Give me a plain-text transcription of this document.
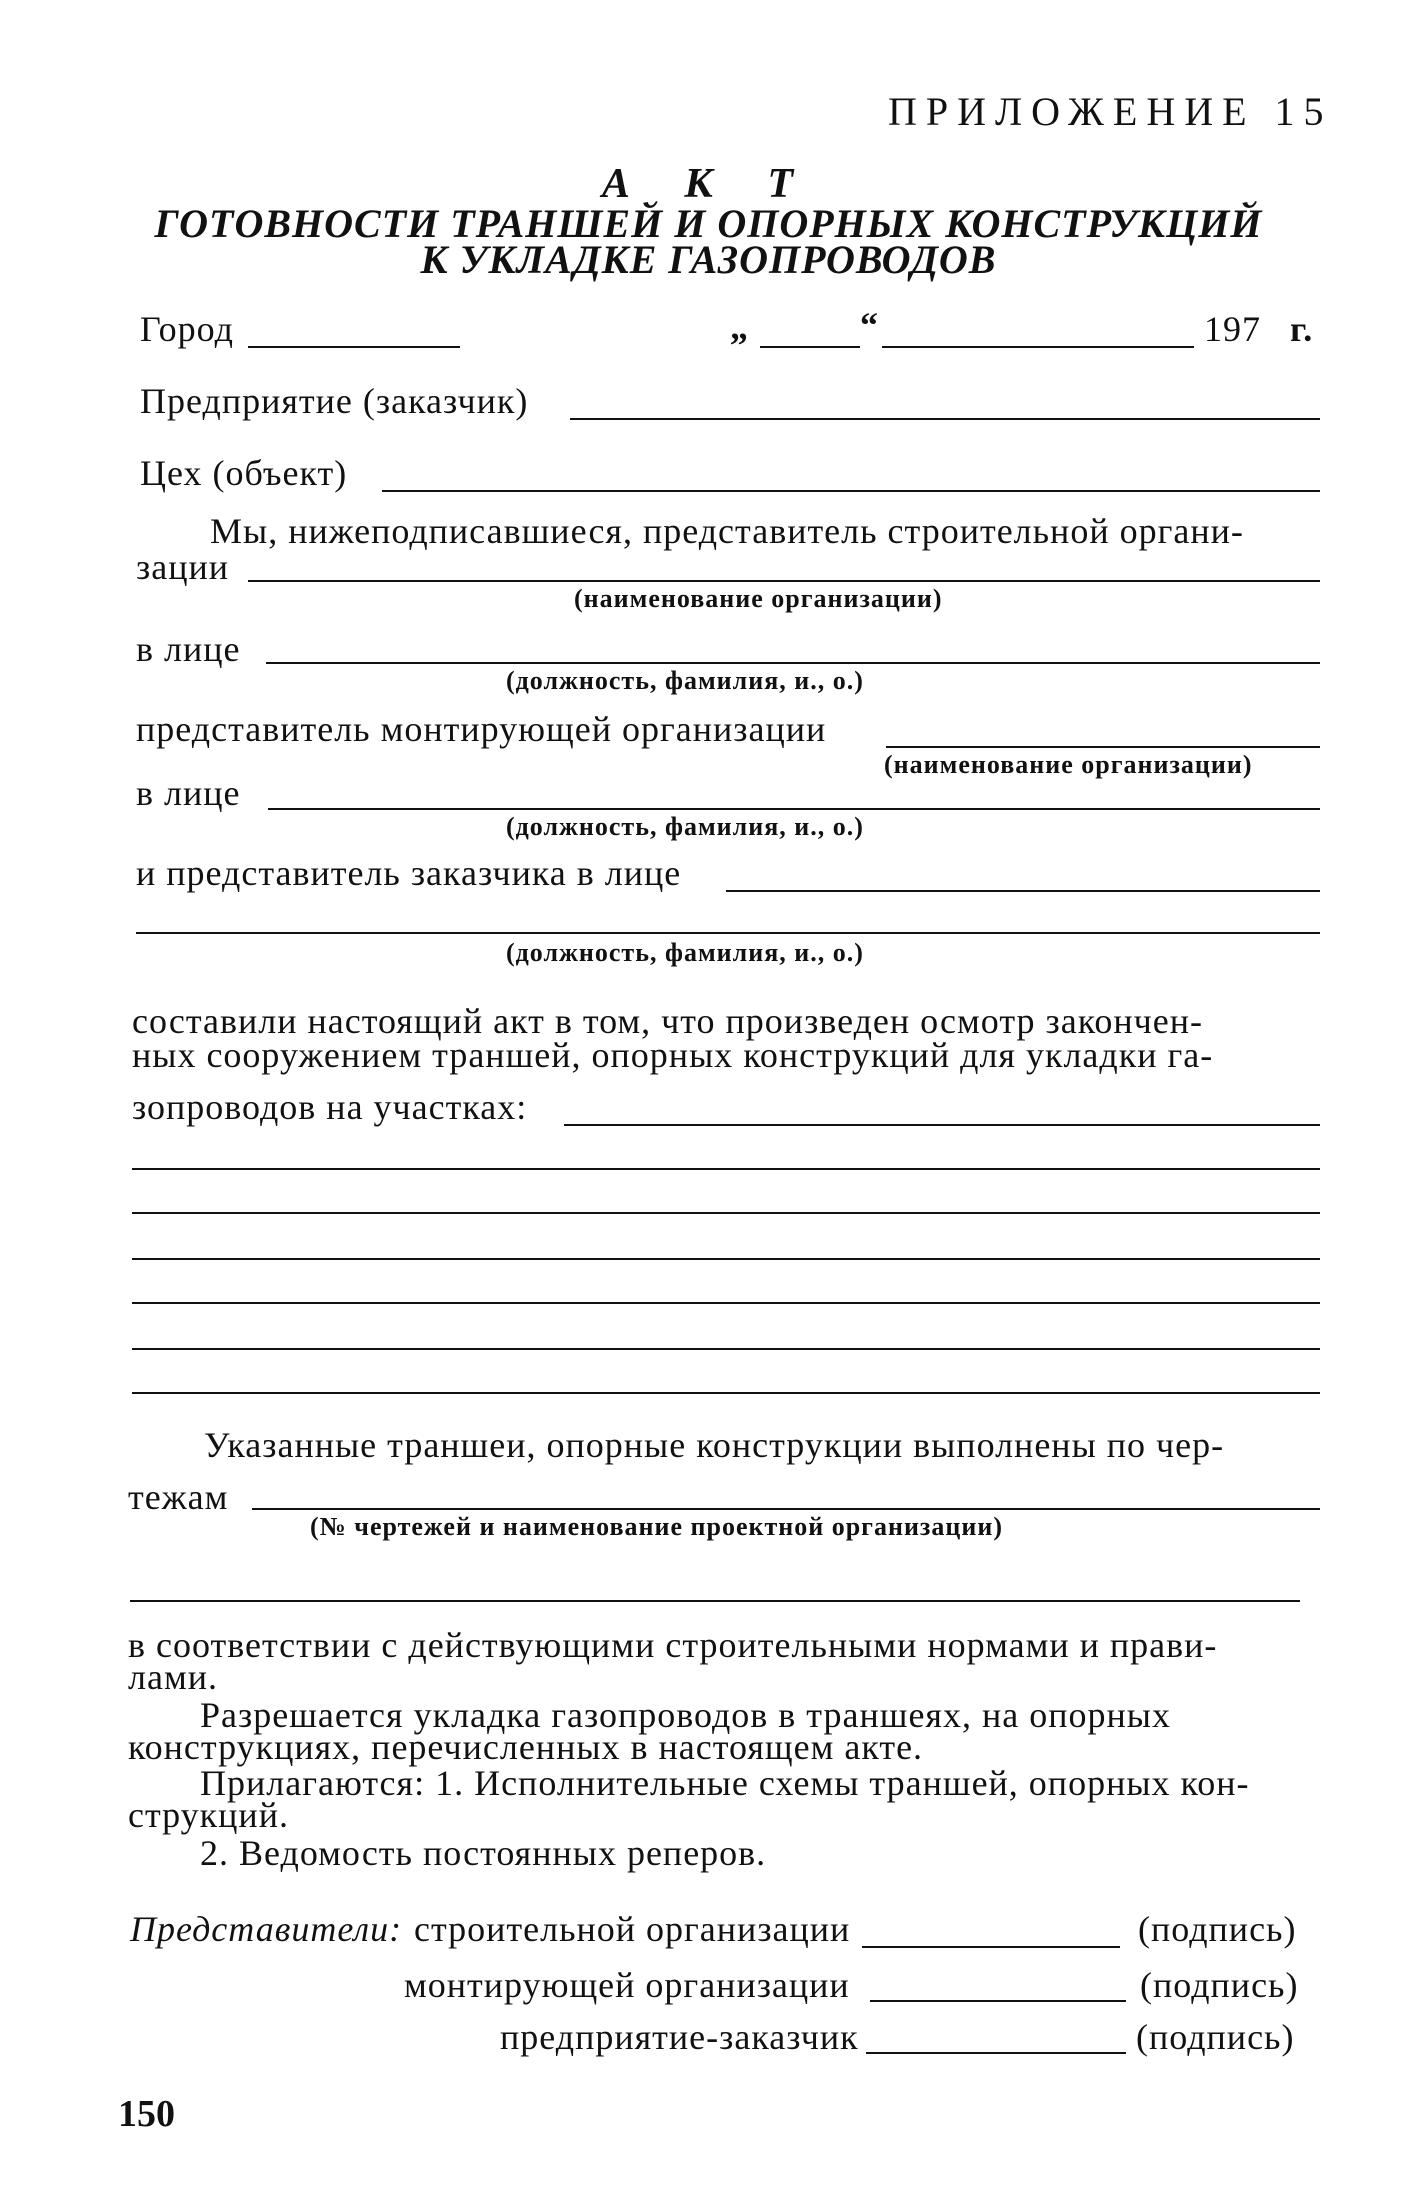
ПРИЛОЖЕНИЕ 15
А К Т
ГОТОВНОСТИ ТРАНШЕЙ И ОПОРНЫХ КОНСТРУКЦИЙ
К УКЛАДКЕ ГАЗОПРОВОДОВ
Город	„	“	197 г.
Предприятие (заказчик)
Цех (объект)
Мы, нижеподписавшиеся, представитель строительной органи-
зации
(наименование организации)
в лице
(должность, фамилия, и., о.)
представитель монтирующей организации
(наименование организации)
в лице
(должность, фамилия, и., о.)
и представитель заказчика в лице
(должность, фамилия, и., о.)
составили настоящий акт в том, что произведен осмотр закончен-
ных сооружением траншей, опорных конструкций для укладки га-
зопроводов на участках:
Указанные траншеи, опорные конструкции выполнены по чер-
тежам
(№ чертежей и наименование проектной организации)
в соответствии с действующими строительными нормами и прави-
лами.
Разрешается укладка газопроводов в траншеях, на опорных
конструкциях, перечисленных в настоящем акте.
Прилагаются: 1. Исполнительные схемы траншей, опорных кон-
струкций.
2. Ведомость постоянных реперов.
Представители: строительной организации	(подпись)
монтирующей организации	(подпись)
предприятие-заказчик	(подпись)
150
